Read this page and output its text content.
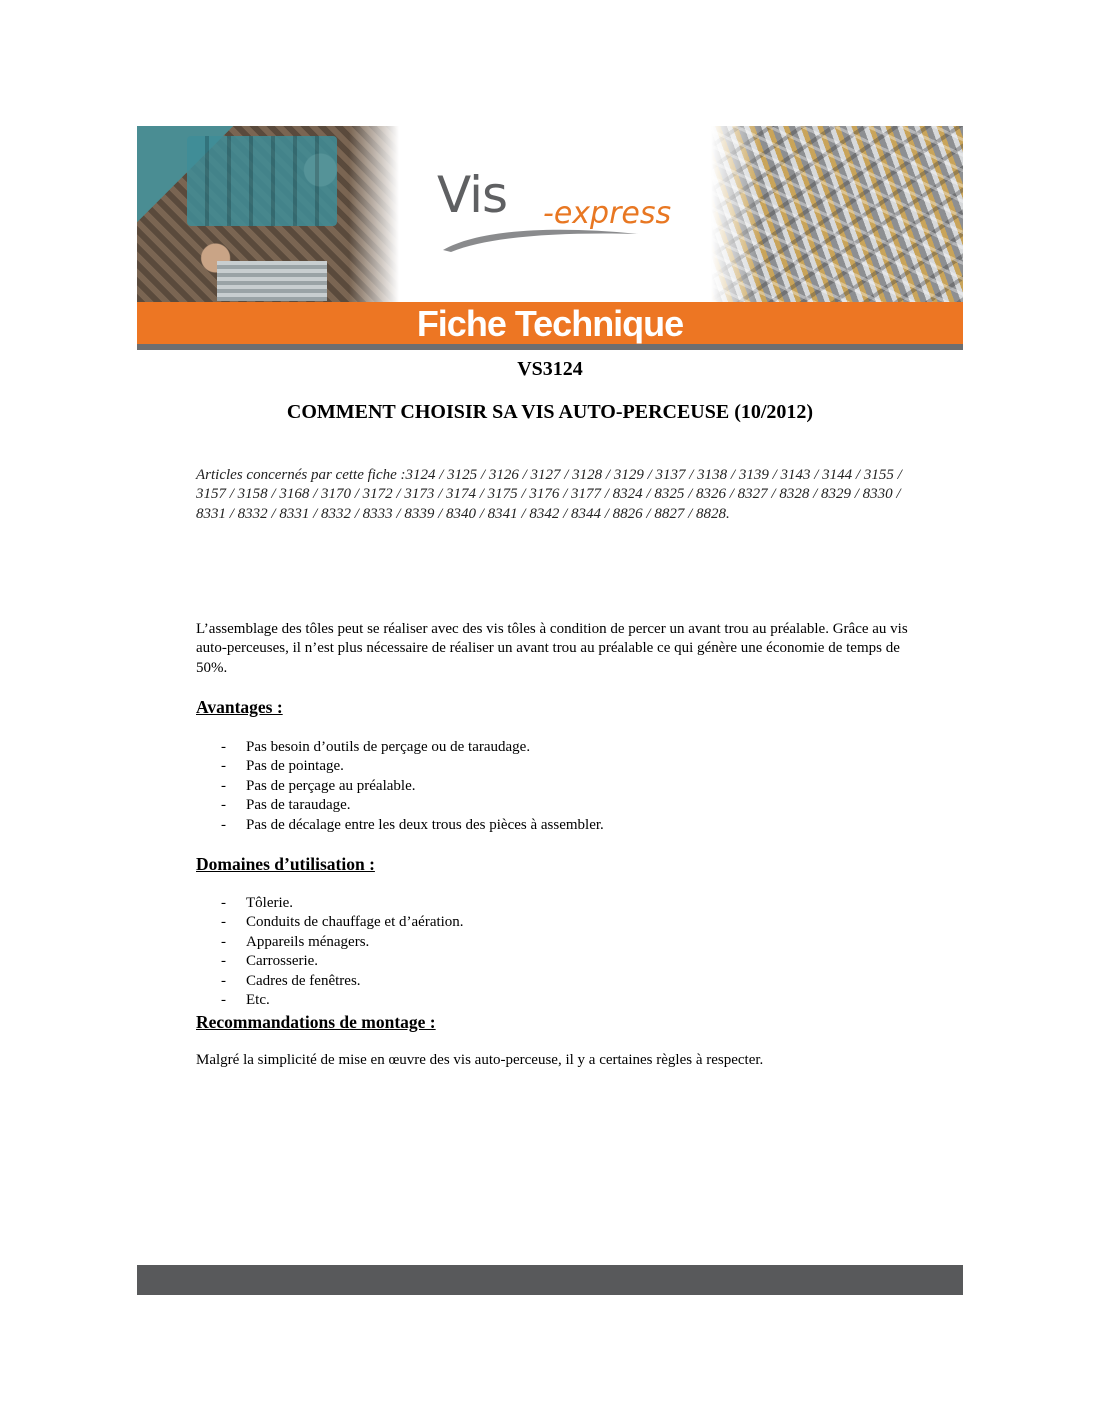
Vis -express
Fiche Technique
VS3124
COMMENT CHOISIR SA VIS AUTO-PERCEUSE (10/2012)
Articles concernés par cette fiche :3124 / 3125 / 3126 / 3127 / 3128 / 3129 / 3137 / 3138 / 3139 / 3143 / 3144 / 3155 / 3157 / 3158 / 3168 / 3170 / 3172 / 3173 / 3174 / 3175 / 3176 / 3177 / 8324 / 8325 / 8326 / 8327 / 8328 / 8329 / 8330 / 8331 / 8332 / 8331 / 8332 / 8333 / 8339 / 8340 / 8341 / 8342 / 8344 / 8826 / 8827 / 8828.

L’assemblage des tôles peut se réaliser avec des vis tôles à condition de percer un avant trou au préalable. Grâce au vis auto-perceuses, il n’est plus nécessaire de réaliser un avant trou au préalable ce qui génère une économie de temps de 50%.

Avantages :
- Pas besoin d’outils de perçage ou de taraudage.
- Pas de pointage.
- Pas de perçage au préalable.
- Pas de taraudage.
- Pas de décalage entre les deux trous des pièces à assembler.
Domaines d’utilisation :
- Tôlerie.
- Conduits de chauffage et d’aération.
- Appareils ménagers.
- Carrosserie.
- Cadres de fenêtres.
- Etc.
Recommandations de montage :
Malgré la simplicité de mise en œuvre des vis auto-perceuse, il y a certaines règles à respecter.
